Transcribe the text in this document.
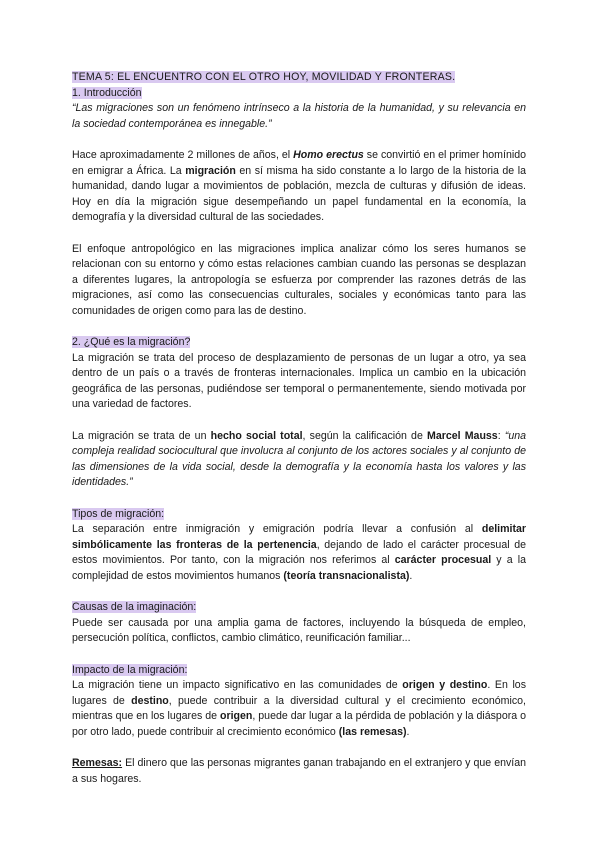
TEMA 5: EL ENCUENTRO CON EL OTRO HOY, MOVILIDAD Y FRONTERAS.
1. Introducción

“Las migraciones son un fenómeno intrínseco a la historia de la humanidad, y su relevancia en la sociedad contemporánea es innegable.”

Hace aproximadamente 2 millones de años, el Homo erectus se convirtió en el primer homínido en emigrar a África. La migración en sí misma ha sido constante a lo largo de la historia de la humanidad, dando lugar a movimientos de población, mezcla de culturas y difusión de ideas. Hoy en día la migración sigue desempeñando un papel fundamental en la economía, la demografía y la diversidad cultural de las sociedades.

El enfoque antropológico en las migraciones implica analizar cómo los seres humanos se relacionan con su entorno y cómo estas relaciones cambian cuando las personas se desplazan a diferentes lugares, la antropología se esfuerza por comprender las razones detrás de las migraciones, así como las consecuencias culturales, sociales y económicas tanto para las comunidades de origen como para las de destino.

2. ¿Qué es la migración?

La migración se trata del proceso de desplazamiento de personas de un lugar a otro, ya sea dentro de un país o a través de fronteras internacionales. Implica un cambio en la ubicación geográfica de las personas, pudiéndose ser temporal o permanentemente, siendo motivada por una variedad de factores.

La migración se trata de un hecho social total, según la calificación de Marcel Mauss: “una compleja realidad sociocultural que involucra al conjunto de los actores sociales y al conjunto de las dimensiones de la vida social, desde la demografía y la economía hasta los valores y las identidades.”

Tipos de migración:

La separación entre inmigración y emigración podría llevar a confusión al delimitar simbólicamente las fronteras de la pertenencia, dejando de lado el carácter procesual de estos movimientos. Por tanto, con la migración nos referimos al carácter procesual y a la complejidad de estos movimientos humanos (teoría transnacionalista).

Causas de la imaginación:

Puede ser causada por una amplia gama de factores, incluyendo la búsqueda de empleo, persecución política, conflictos, cambio climático, reunificación familiar...

Impacto de la migración:

La migración tiene un impacto significativo en las comunidades de origen y destino. En los lugares de destino, puede contribuir a la diversidad cultural y el crecimiento económico, mientras que en los lugares de origen, puede dar lugar a la pérdida de población y la diáspora o por otro lado, puede contribuir al crecimiento económico (las remesas).

Remesas: El dinero que las personas migrantes ganan trabajando en el extranjero y que envían a sus hogares.
